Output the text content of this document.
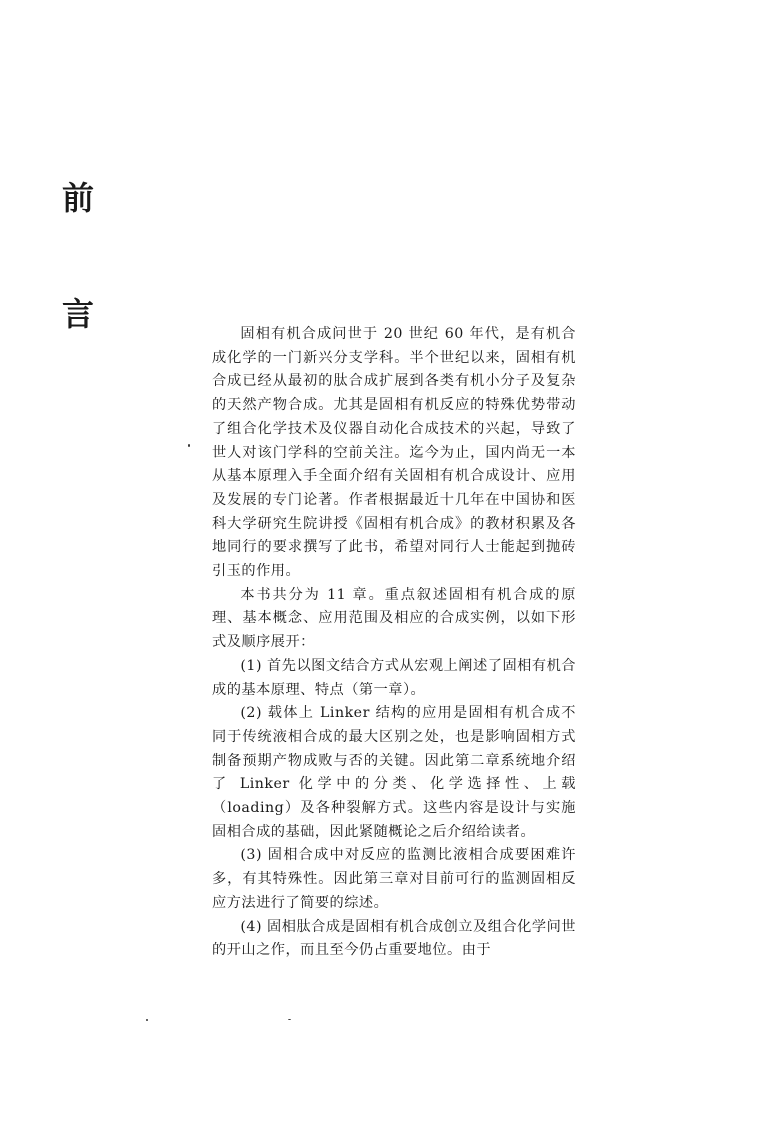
前
言

固相有机合成问世于 20 世纪 60 年代，是有机合成化学的一门新兴分支学科。半个世纪以来，固相有机合成已经从最初的肽合成扩展到各类有机小分子及复杂的天然产物合成。尤其是固相有机反应的特殊优势带动了组合化学技术及仪器自动化合成技术的兴起，导致了世人对该门学科的空前关注。迄今为止，国内尚无一本从基本原理入手全面介绍有关固相有机合成设计、应用及发展的专门论著。作者根据最近十几年在中国协和医科大学研究生院讲授《固相有机合成》的教材积累及各地同行的要求撰写了此书，希望对同行人士能起到抛砖引玉的作用。

本书共分为 11 章。重点叙述固相有机合成的原理、基本概念、应用范围及相应的合成实例，以如下形式及顺序展开：

(1) 首先以图文结合方式从宏观上阐述了固相有机合成的基本原理、特点（第一章）。

(2) 载体上 Linker 结构的应用是固相有机合成不同于传统液相合成的最大区别之处，也是影响固相方式制备预期产物成败与否的关键。因此第二章系统地介绍了 Linker 化学中的分类、化学选择性、上载（loading）及各种裂解方式。这些内容是设计与实施固相合成的基础，因此紧随概论之后介绍给读者。

(3) 固相合成中对反应的监测比液相合成要困难许多，有其特殊性。因此第三章对目前可行的监测固相反应方法进行了简要的综述。

(4) 固相肽合成是固相有机合成创立及组合化学问世的开山之作，而且至今仍占重要地位。由于
